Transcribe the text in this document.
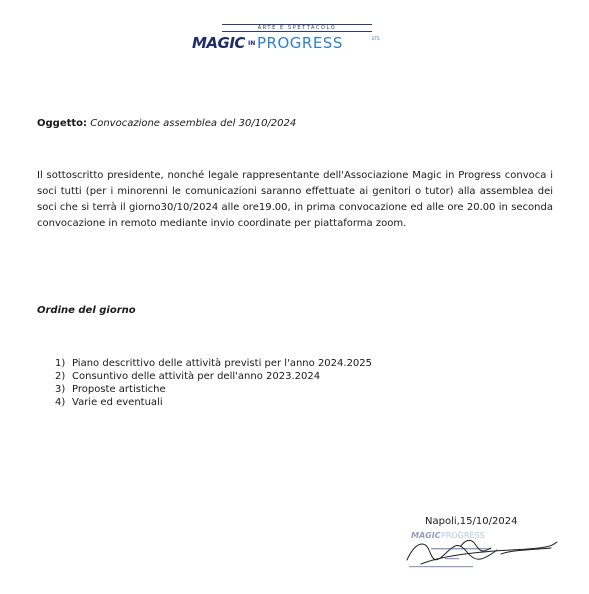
ARTE E SPETTACOLO
MAGIC IN PROGRESS	ETS
Oggetto: Convocazione assemblea del 30/10/2024
Il sottoscritto presidente, nonché legale rappresentante dell'Associazione Magic in Progress convoca i soci tutti (per i minorenni le comunicazioni saranno effettuate ai genitori o tutor) alla assemblea dei soci che si terrà il giorno30/10/2024 alle ore19.00, in prima convocazione ed alle ore 20.00 in seconda convocazione in remoto mediante invio coordinate per piattaforma zoom.
Ordine del giorno
1) Piano descrittivo delle attività previsti per l'anno 2024.2025
2) Consuntivo delle attività per dell'anno 2023.2024
3) Proposte artistiche
4) Varie ed eventuali
MAGIC PROGRESS
Napoli,15/10/2024
